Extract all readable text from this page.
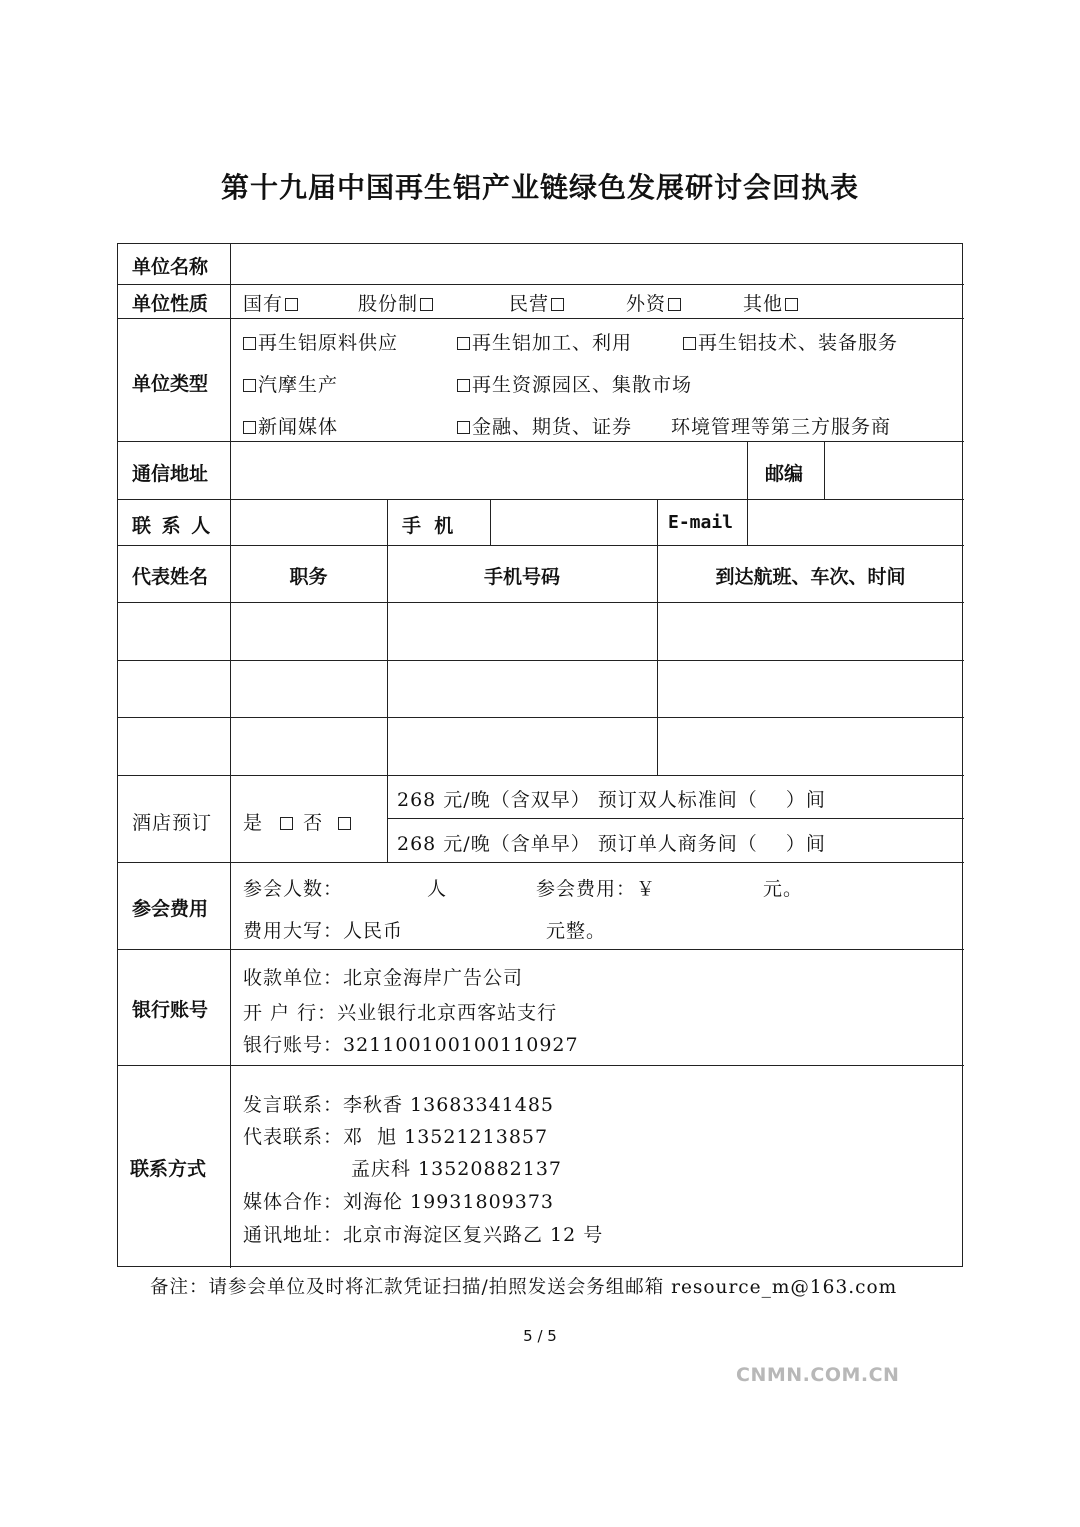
第十九届中国再生铝产业链绿色发展研讨会回执表
单位名称
单位性质 国有	股份制	民营	外资	其他
单位类型
再生铝原料供应	再生铝加工、利用	再生铝技术、装备服务
汽摩生产	再生资源园区、集散市场
新闻媒体	金融、期货、证券 环境管理等第三方服务商
通信地址	邮编
联 系 人	手  机	E-mail
代表姓名	职务	手机号码	到达航班、车次、时间
酒店预订 是 否
268 元/晚（含双早） 预订双人标准间（    ）间
268 元/晚（含单早） 预订单人商务间（    ）间
参会费用
参会人数：	人	参会费用：￥	元。
费用大写：人民币	元整。
银行账号
收款单位：北京金海岸广告公司
开 户 行：兴业银行北京西客站支行
银行账号：321100100100110927
联系方式
发言联系：李秋香 13683341485
代表联系：邓  旭 13521213857
孟庆科 13520882137
媒体合作：刘海伦 19931809373
通讯地址：北京市海淀区复兴路乙 12 号
备注：请参会单位及时将汇款凭证扫描/拍照发送会务组邮箱 resource_m@163.com
5 / 5
CNMN.COM.CN
